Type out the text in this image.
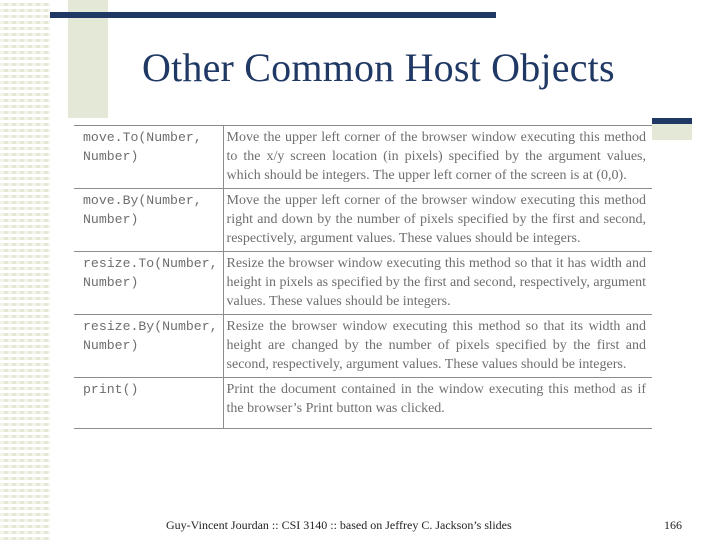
Other Common Host Objects
move.To(Number,
Number)	Move the upper left corner of the browser window executing this method to the x/y screen location (in pixels) specified by the argument values, which should be integers. The upper left corner of the screen is at (0,0).
move.By(Number,
Number)	Move the upper left corner of the browser window executing this method right and down by the number of pixels specified by the first and second, respectively, argument values. These values should be integers.
resize.To(Number,
Number)	Resize the browser window executing this method so that it has width and height in pixels as specified by the first and second, respectively, argument values. These values should be integers.
resize.By(Number,
Number)	Resize the browser window executing this method so that its width and height are changed by the number of pixels specified by the first and second, respectively, argument values. These values should be integers.
print()	Print the document contained in the window executing this method as if the browser’s Print button was clicked.
Guy-Vincent Jourdan :: CSI 3140 :: based on Jeffrey C. Jackson’s slides	166
